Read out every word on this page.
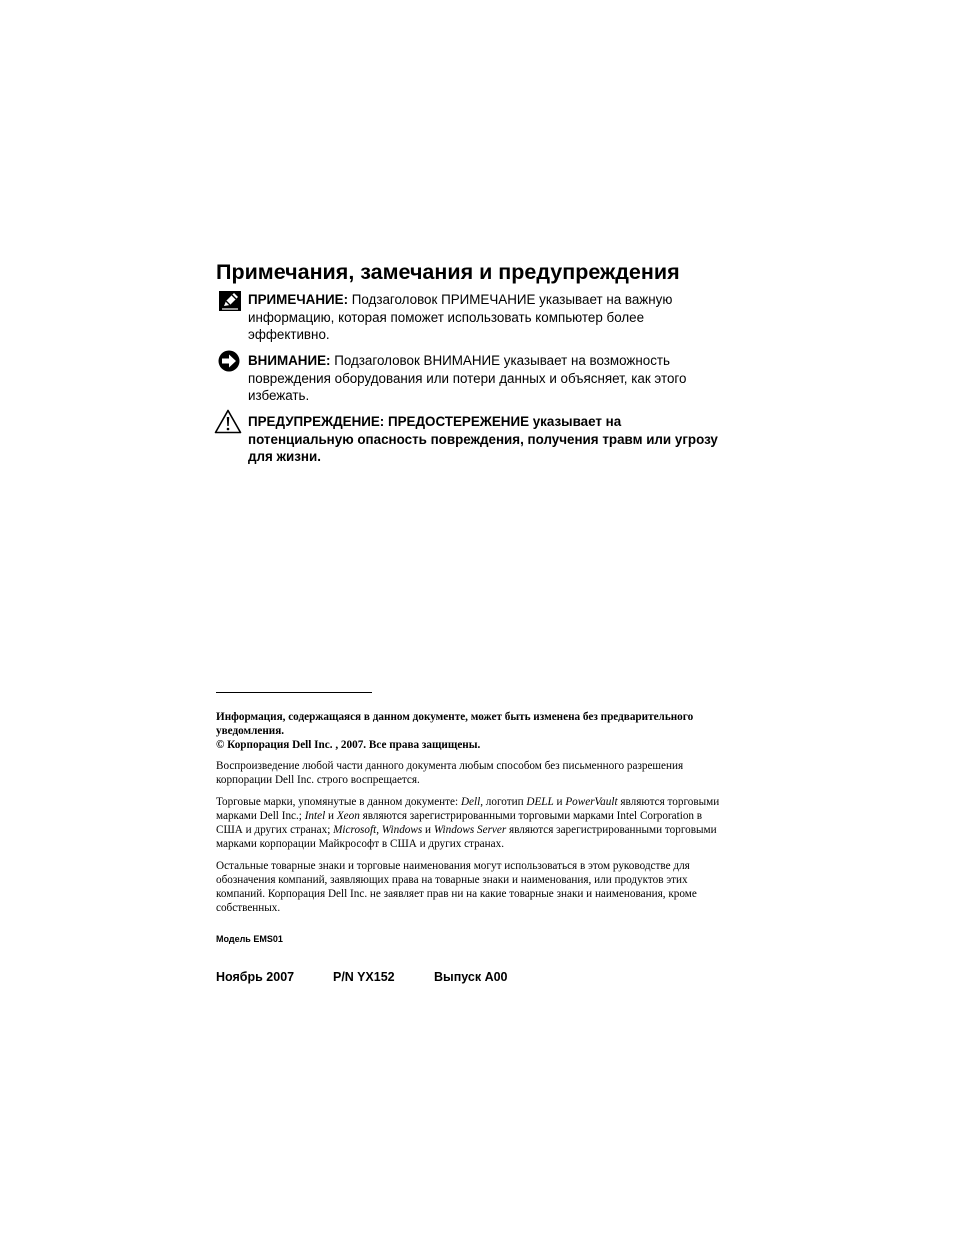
Примечания, замечания и предупреждения
ПРИМЕЧАНИЕ: Подзаголовок ПРИМЕЧАНИЕ указывает на важную информацию, которая поможет использовать компьютер более эффективно.
ВНИМАНИЕ: Подзаголовок ВНИМАНИЕ указывает на возможность повреждения оборудования или потери данных и объясняет, как этого избежать.
ПРЕДУПРЕЖДЕНИЕ: ПРЕДОСТЕРЕЖЕНИЕ указывает на потенциальную опасность повреждения, получения травм или угрозу для жизни.

Информация, содержащаяся в данном документе, может быть изменена без предварительного уведомления.

© Корпорация Dell Inc. , 2007. Все права защищены.

Воспроизведение любой части данного документа любым способом без письменного разрешения корпорации Dell Inc. строго воспрещается.

Торговые марки, упомянутые в данном документе: Dell, логотип DELL и PowerVault являются торговыми марками Dell Inc.; Intel и Xeon являются зарегистрированными торговыми марками Intel Corporation в США и других странах; Microsoft, Windows и Windows Server являются зарегистрированными торговыми марками корпорации Майкрософт в США и других странах.

Остальные товарные знаки и торговые наименования могут использоваться в этом руководстве для обозначения компаний, заявляющих права на товарные знаки и наименования, или продуктов этих компаний. Корпорация Dell Inc. не заявляет прав ни на какие товарные знаки и наименования, кроме собственных.

Модель EMS01
Ноябрь 2007	P/N YX152	Выпуск A00
